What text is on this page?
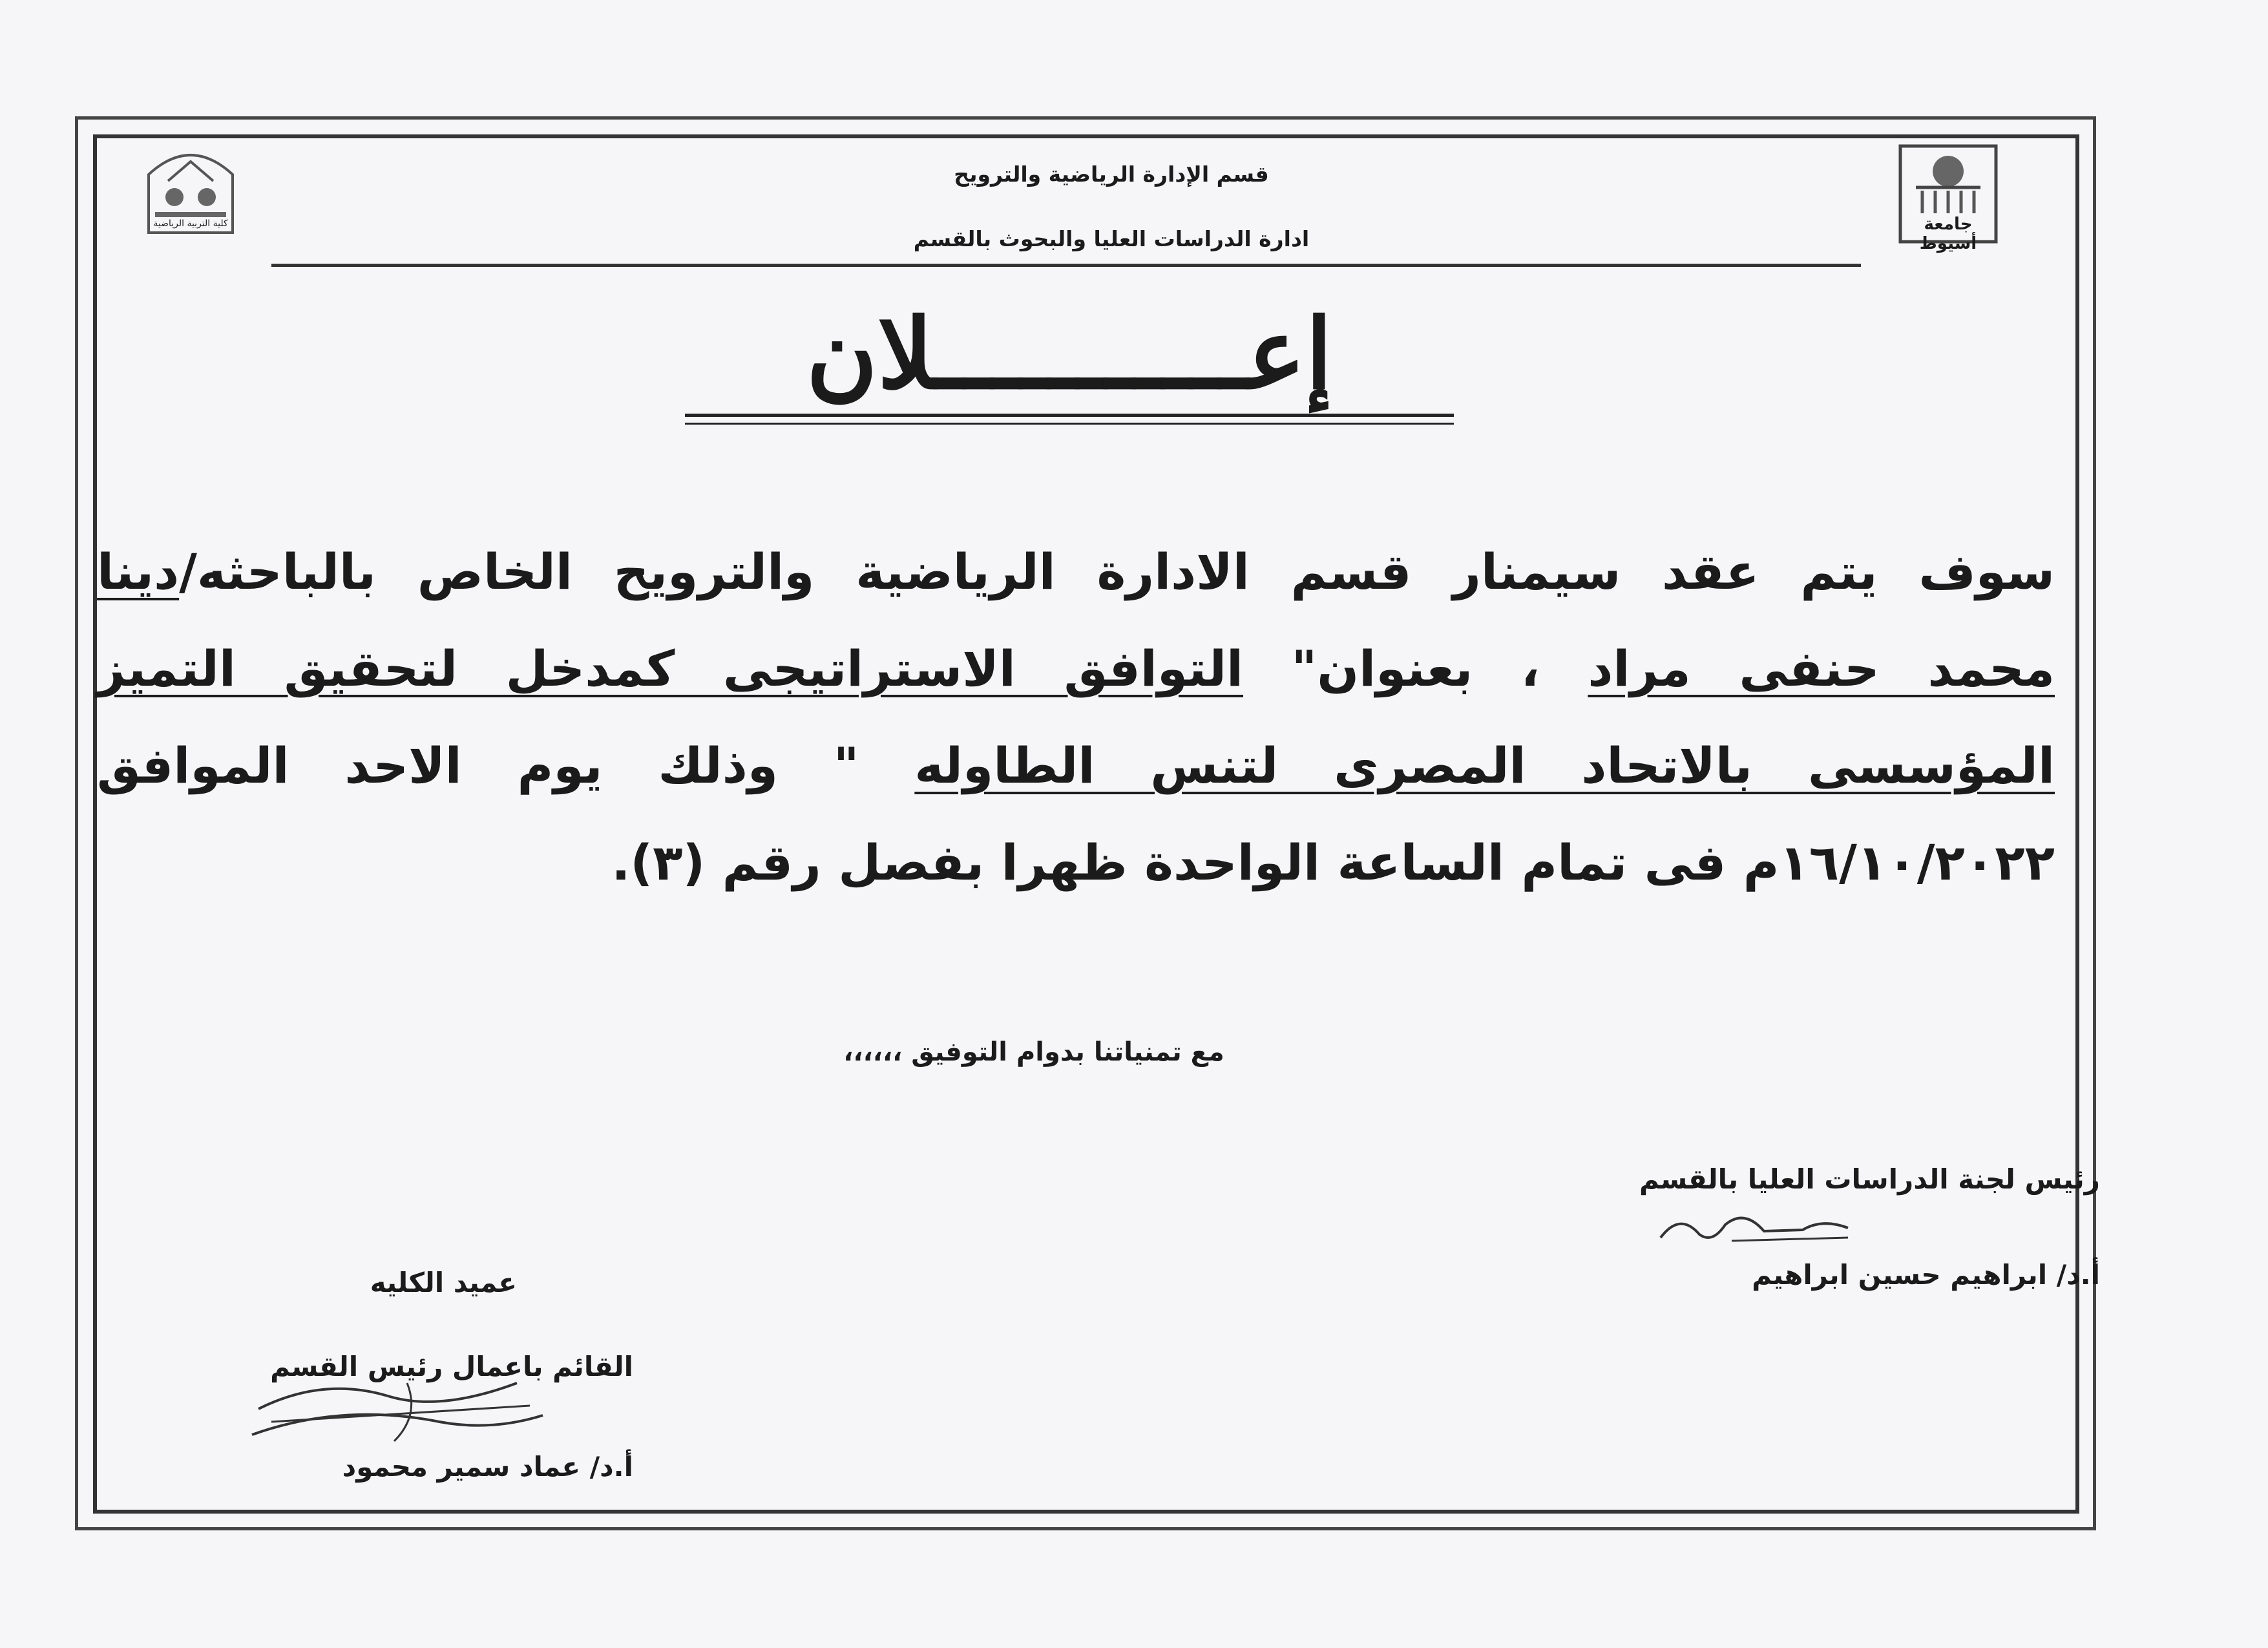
كلية التربية الرياضية	جامعة أسيوط
قسم الإدارة الرياضية والترويح
ادارة الدراسات العليا والبحوث بالقسم
إعـــــــــــلان
سوف يتم عقد سيمنار قسم الادارة الرياضية والترويح الخاص بالباحثه/دينا
محمد حنفى مراد ، بعنوان" التوافق الاستراتيجى كمدخل لتحقيق التميز
المؤسسى بالاتحاد المصرى لتنس الطاوله " وذلك يوم الاحد الموافق
١٦/١٠/٢٠٢٢م فى تمام الساعة الواحدة ظهرا بفصل رقم (٣).
مع تمنياتنا بدوام التوفيق ،،،،،،
رئيس لجنة الدراسات العليا بالقسم
أ.د/ ابراهيم حسين ابراهيم
عميد الكليه
القائم باعمال رئيس القسم
أ.د/ عماد سمير محمود
